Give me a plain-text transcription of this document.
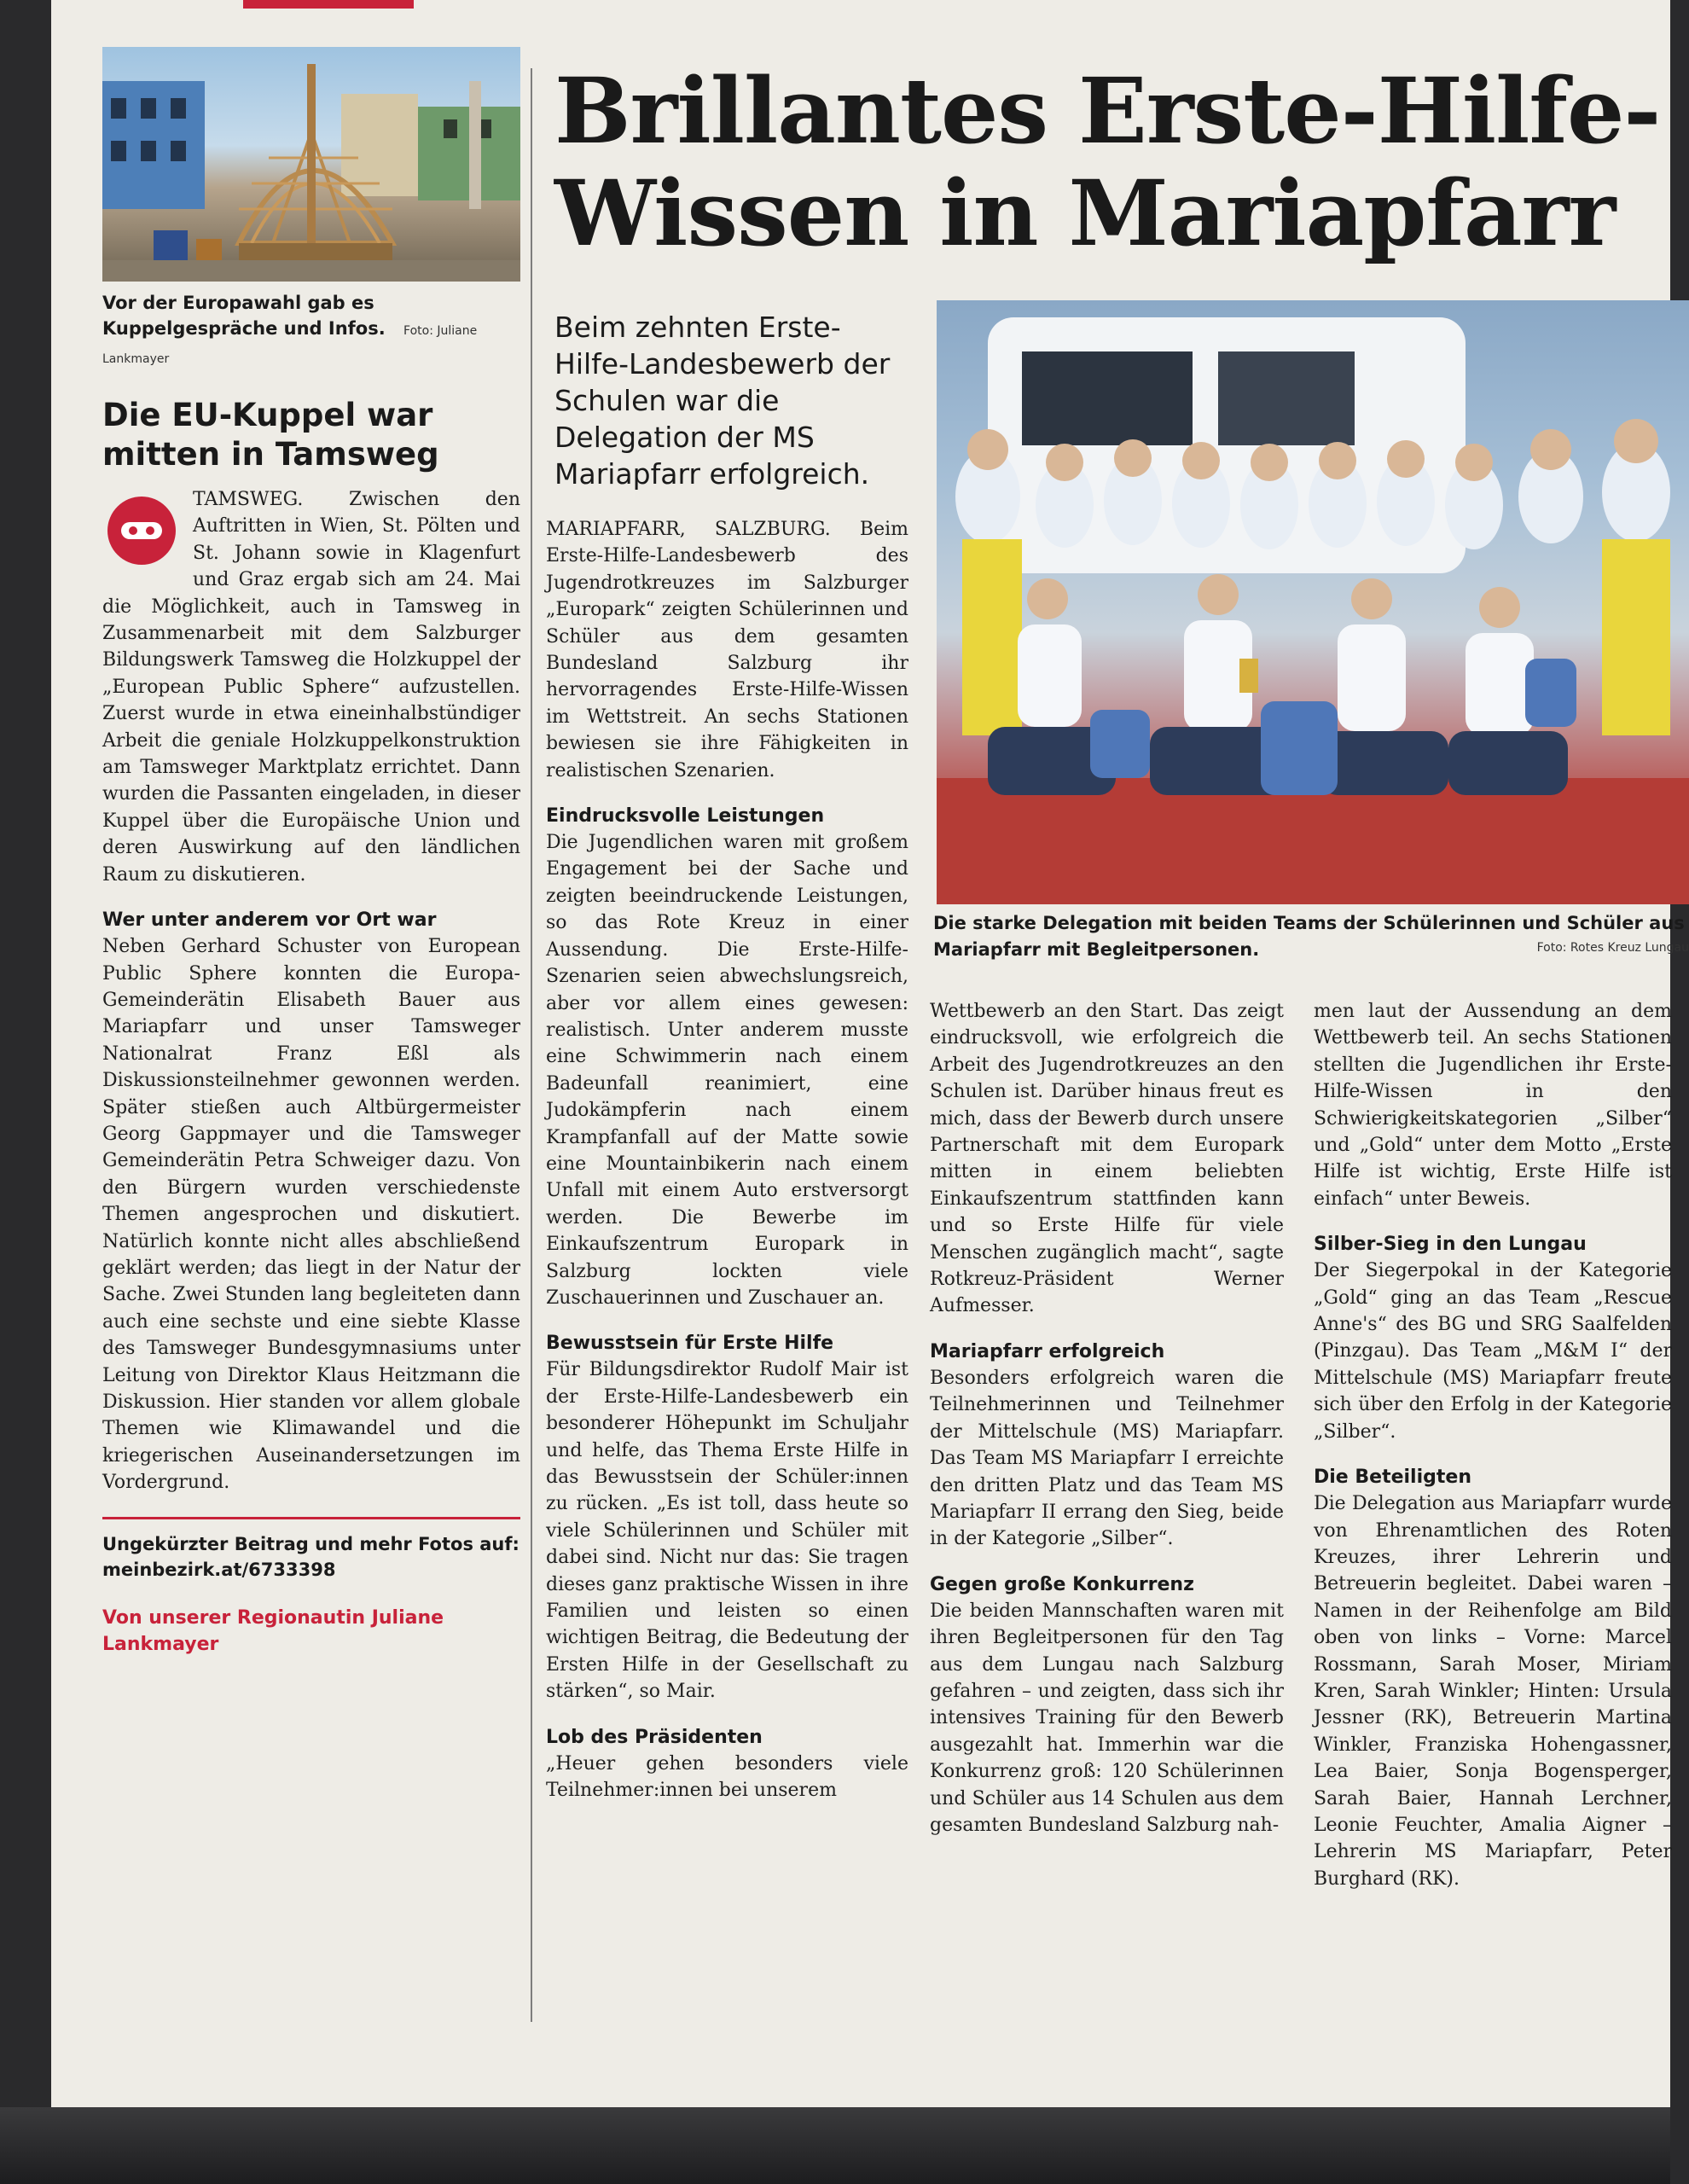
Vor der Europawahl gab es Kuppelgespräche und Infos. Foto: Juliane Lankmayer
Die EU-Kuppel war mitten in Tamsweg
TAMSWEG. Zwischen den Auftritten in Wien, St. Pölten und St. Johann sowie in Klagenfurt und Graz ergab sich am 24. Mai die Möglichkeit, auch in Tamsweg in Zusammenarbeit mit dem Salzburger Bildungswerk Tamsweg die Holzkuppel der „European Public Sphere“ aufzustellen. Zuerst wurde in etwa eineinhalbstündiger Arbeit die geniale Holzkuppelkonstruktion am Tamsweger Marktplatz errichtet. Dann wurden die Passanten eingeladen, in dieser Kuppel über die Europäische Union und deren Auswirkung auf den ländlichen Raum zu diskutieren.
Wer unter anderem vor Ort war
Neben Gerhard Schuster von European Public Sphere konnten die Europa-Gemeinderätin Elisabeth Bauer aus Mariapfarr und unser Tamsweger Nationalrat Franz Eßl als Diskussionsteilnehmer gewonnen werden. Später stießen auch Altbürgermeister Georg Gappmayer und die Tamsweger Gemeinderätin Petra Schweiger dazu. Von den Bürgern wurden verschiedenste Themen angesprochen und diskutiert. Natürlich konnte nicht alles abschließend geklärt werden; das liegt in der Natur der Sache. Zwei Stunden lang begleiteten dann auch eine sechste und eine siebte Klasse des Tamsweger Bundesgymnasiums unter Leitung von Direktor Klaus Heitzmann die Diskussion. Hier standen vor allem globale Themen wie Klimawandel und die kriegerischen Auseinandersetzungen im Vordergrund.
Ungekürzter Beitrag und mehr Fotos auf: meinbezirk.at/6733398
Von unserer Regionautin Juliane Lankmayer
Brillantes Erste-Hilfe-Wissen in Mariapfarr
Beim zehnten Erste-Hilfe-Landesbewerb der Schulen war die Delegation der MS Mariapfarr erfolgreich.
MARIAPFARR, SALZBURG. Beim Erste-Hilfe-Landesbewerb des Jugendrotkreuzes im Salzburger „Europark“ zeigten Schülerinnen und Schüler aus dem gesamten Bundesland Salzburg ihr hervorragendes Erste-Hilfe-Wissen im Wettstreit. An sechs Stationen bewiesen sie ihre Fähigkeiten in realistischen Szenarien.
Eindrucksvolle Leistungen
Die Jugendlichen waren mit großem Engagement bei der Sache und zeigten beeindruckende Leistungen, so das Rote Kreuz in einer Aussendung. Die Erste-Hilfe-Szenarien seien abwechslungsreich, aber vor allem eines gewesen: realistisch. Unter anderem musste eine Schwimmerin nach einem Badeunfall reanimiert, eine Judokämpferin nach einem Krampfanfall auf der Matte sowie eine Mountainbikerin nach einem Unfall mit einem Auto erstversorgt werden. Die Bewerbe im Einkaufszentrum Europark in Salzburg lockten viele Zuschauerinnen und Zuschauer an.
Bewusstsein für Erste Hilfe
Für Bildungsdirektor Rudolf Mair ist der Erste-Hilfe-Landesbewerb ein besonderer Höhepunkt im Schuljahr und helfe, das Thema Erste Hilfe in das Bewusstsein der Schüler:innen zu rücken. „Es ist toll, dass heute so viele Schülerinnen und Schüler mit dabei sind. Nicht nur das: Sie tragen dieses ganz praktische Wissen in ihre Familien und leisten so einen wichtigen Beitrag, die Bedeutung der Ersten Hilfe in der Gesellschaft zu stärken“, so Mair.
Lob des Präsidenten
„Heuer gehen besonders viele Teilnehmer:innen bei unserem
Die starke Delegation mit beiden Teams der Schülerinnen und Schüler aus Mariapfarr mit Begleitpersonen.	Foto: Rotes Kreuz Lungau
Wettbewerb an den Start. Das zeigt eindrucksvoll, wie erfolgreich die Arbeit des Jugendrotkreuzes an den Schulen ist. Darüber hinaus freut es mich, dass der Bewerb durch unsere Partnerschaft mit dem Europark mitten in einem beliebten Einkaufszentrum stattfinden kann und so Erste Hilfe für viele Menschen zugänglich macht“, sagte Rotkreuz-Präsident Werner Aufmesser.
Mariapfarr erfolgreich
Besonders erfolgreich waren die Teilnehmerinnen und Teilnehmer der Mittelschule (MS) Mariapfarr. Das Team MS Mariapfarr I erreichte den dritten Platz und das Team MS Mariapfarr II errang den Sieg, beide in der Kategorie „Silber“.
Gegen große Konkurrenz
Die beiden Mannschaften waren mit ihren Begleitpersonen für den Tag aus dem Lungau nach Salzburg gefahren – und zeigten, dass sich ihr intensives Training für den Bewerb ausgezahlt hat. Immerhin war die Konkurrenz groß: 120 Schülerinnen und Schüler aus 14 Schulen aus dem gesamten Bundesland Salzburg nah-
men laut der Aussendung an dem Wettbewerb teil. An sechs Stationen stellten die Jugendlichen ihr Erste-Hilfe-Wissen in den Schwierigkeitskategorien „Silber“ und „Gold“ unter dem Motto „Erste Hilfe ist wichtig, Erste Hilfe ist einfach“ unter Beweis.
Silber-Sieg in den Lungau
Der Siegerpokal in der Kategorie „Gold“ ging an das Team „Rescue Anne's“ des BG und SRG Saalfelden (Pinzgau). Das Team „M&M I“ der Mittelschule (MS) Mariapfarr freute sich über den Erfolg in der Kategorie „Silber“.
Die Beteiligten
Die Delegation aus Mariapfarr wurde von Ehrenamtlichen des Roten Kreuzes, ihrer Lehrerin und Betreuerin begleitet. Dabei waren – Namen in der Reihenfolge am Bild oben von links – Vorne: Marcel Rossmann, Sarah Moser, Miriam Kren, Sarah Winkler; Hinten: Ursula Jessner (RK), Betreuerin Martina Winkler, Franziska Hohengassner, Lea Baier, Sonja Bogensperger, Sarah Baier, Hannah Lerchner, Leonie Feuchter, Amalia Aigner – Lehrerin MS Mariapfarr, Peter Burghard (RK).
